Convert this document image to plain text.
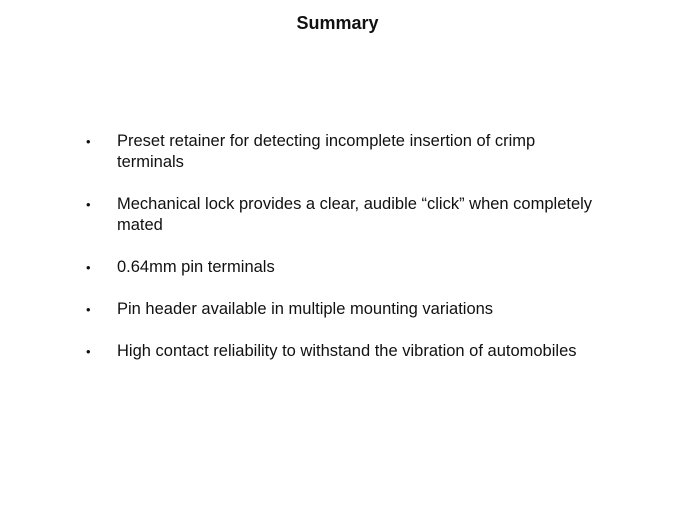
Summary
•	Preset retainer for detecting incomplete insertion of crimp terminals
•	Mechanical lock provides a clear, audible “click” when completely mated
•	0.64mm pin terminals
•	Pin header available in multiple mounting variations
•	High contact reliability to withstand the vibration of automobiles
